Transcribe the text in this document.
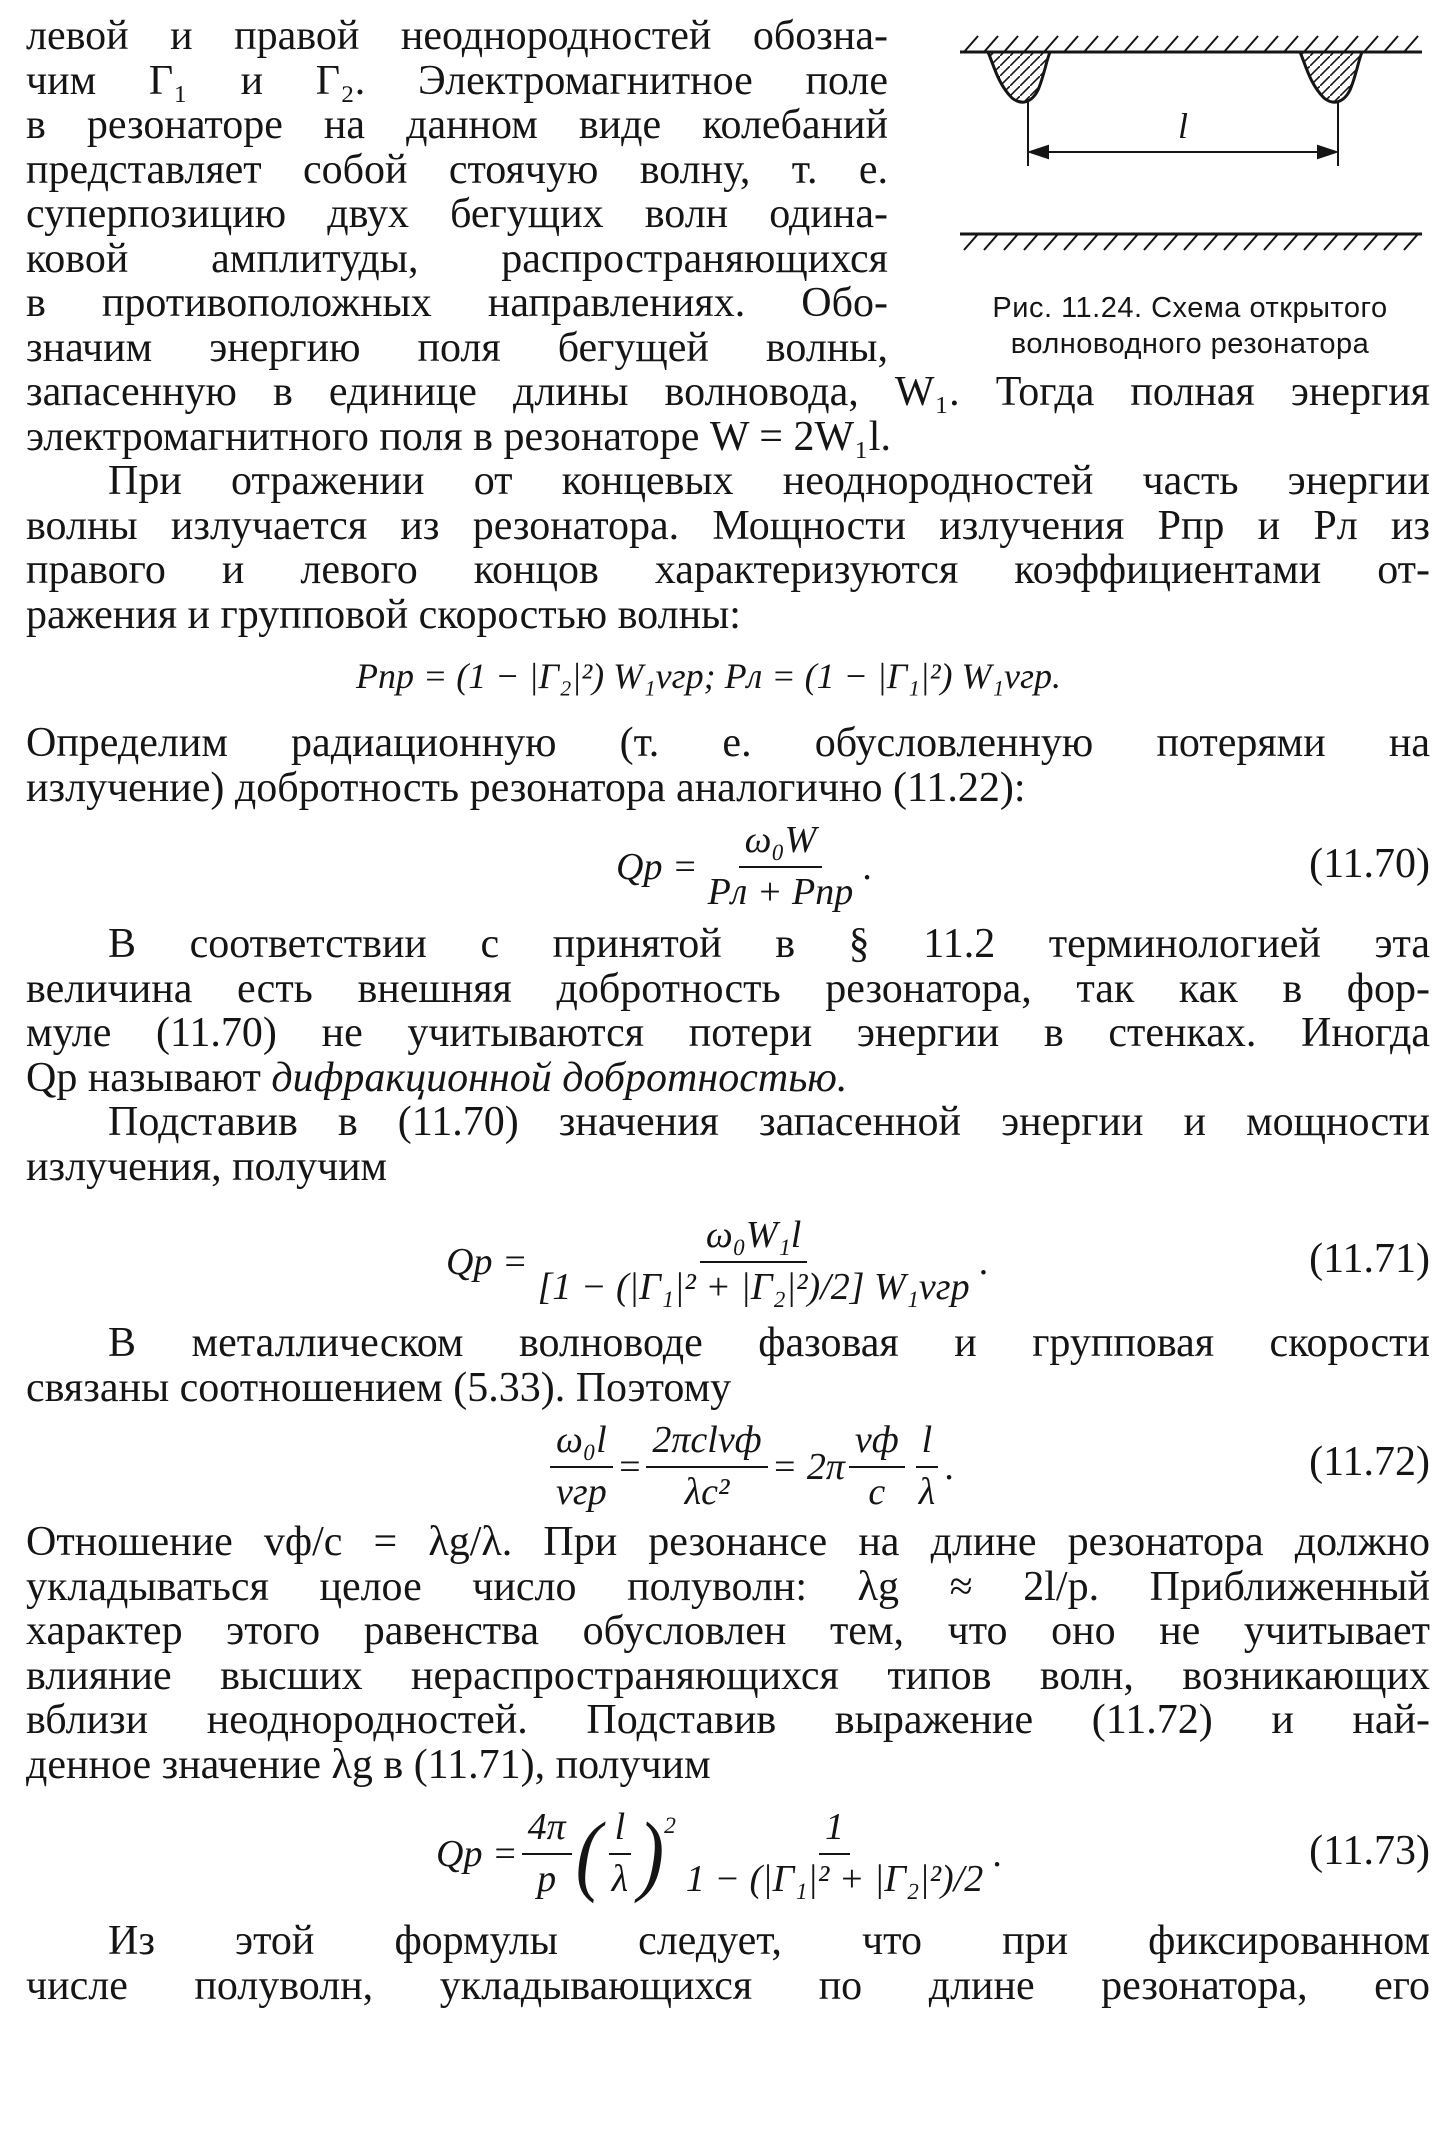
l
Рис. 11.24. Схема открытого
волноводного резонатора
левой и правой неоднородностей обозна-
чим Γ₁ и Γ₂. Электромагнитное поле
в резонаторе на данном виде колебаний
представляет собой стоячую волну, т. е.
суперпозицию двух бегущих волн одина-
ковой амплитуды, распространяющихся
в противоположных направлениях. Обо-
значим энергию поля бегущей волны,
запасенную в единице длины волновода, W₁. Тогда полная энергия
электромагнитного поля в резонаторе W = 2W₁l.
При отражении от концевых неоднородностей часть энергии
волны излучается из резонатора. Мощности излучения Pпр и Pл из
правого и левого концов характеризуются коэффициентами от-
ражения и групповой скоростью волны:
Pпр = (1 − |Γ₂|²) W₁vгр; Pл = (1 − |Γ₁|²) W₁vгр.
Определим радиационную (т. е. обусловленную потерями на
излучение) добротность резонатора аналогично (11.22):
Qр = $\frac{\text{ω₀W}}{\text{Pл + Pпр}}$ .	(11.70)
В соответствии с принятой в § 11.2 терминологией эта
величина есть внешняя добротность резонатора, так как в фор-
муле (11.70) не учитываются потери энергии в стенках. Иногда
Qр называют дифракционной добротностью.
Подставив в (11.70) значения запасенной энергии и мощности
излучения, получим
Qр = $\frac{\text{ω₀W₁l}}{\text{[1 − (|Γ₁|² + |Γ₂|²)/2] W₁vгр}}$ .	(11.71)
В металлическом волноводе фазовая и групповая скорости
связаны соотношением (5.33). Поэтому
$\frac{\text{ω₀l}}{\text{vгр}} = \frac{\text{2πclvф}}{\text{λc²}} = 2\pi \frac{vф}{c} \frac{l}{\lambda}$ .	(11.72)
Отношение vф/c = λg/λ. При резонансе на длине резонатора должно
укладываться целое число полуволн: λg ≈ 2l/p. Приближенный
характер этого равенства обусловлен тем, что оно не учитывает
влияние высших нераспространяющихся типов волн, возникающих
вблизи неоднородностей. Подставив выражение (11.72) и най-
денное значение λg в (11.71), получим
Qр = $\frac{4\pi}{p}$ ( $\frac{l}{\lambda}$ ) $2 \frac{1}{\text{1 − (|Γ₁|² + |Γ₂|²)/2}}$ .	(11.73)
Из этой формулы следует, что при фиксированном
числе полуволн, укладывающихся по длине резонатора, его
